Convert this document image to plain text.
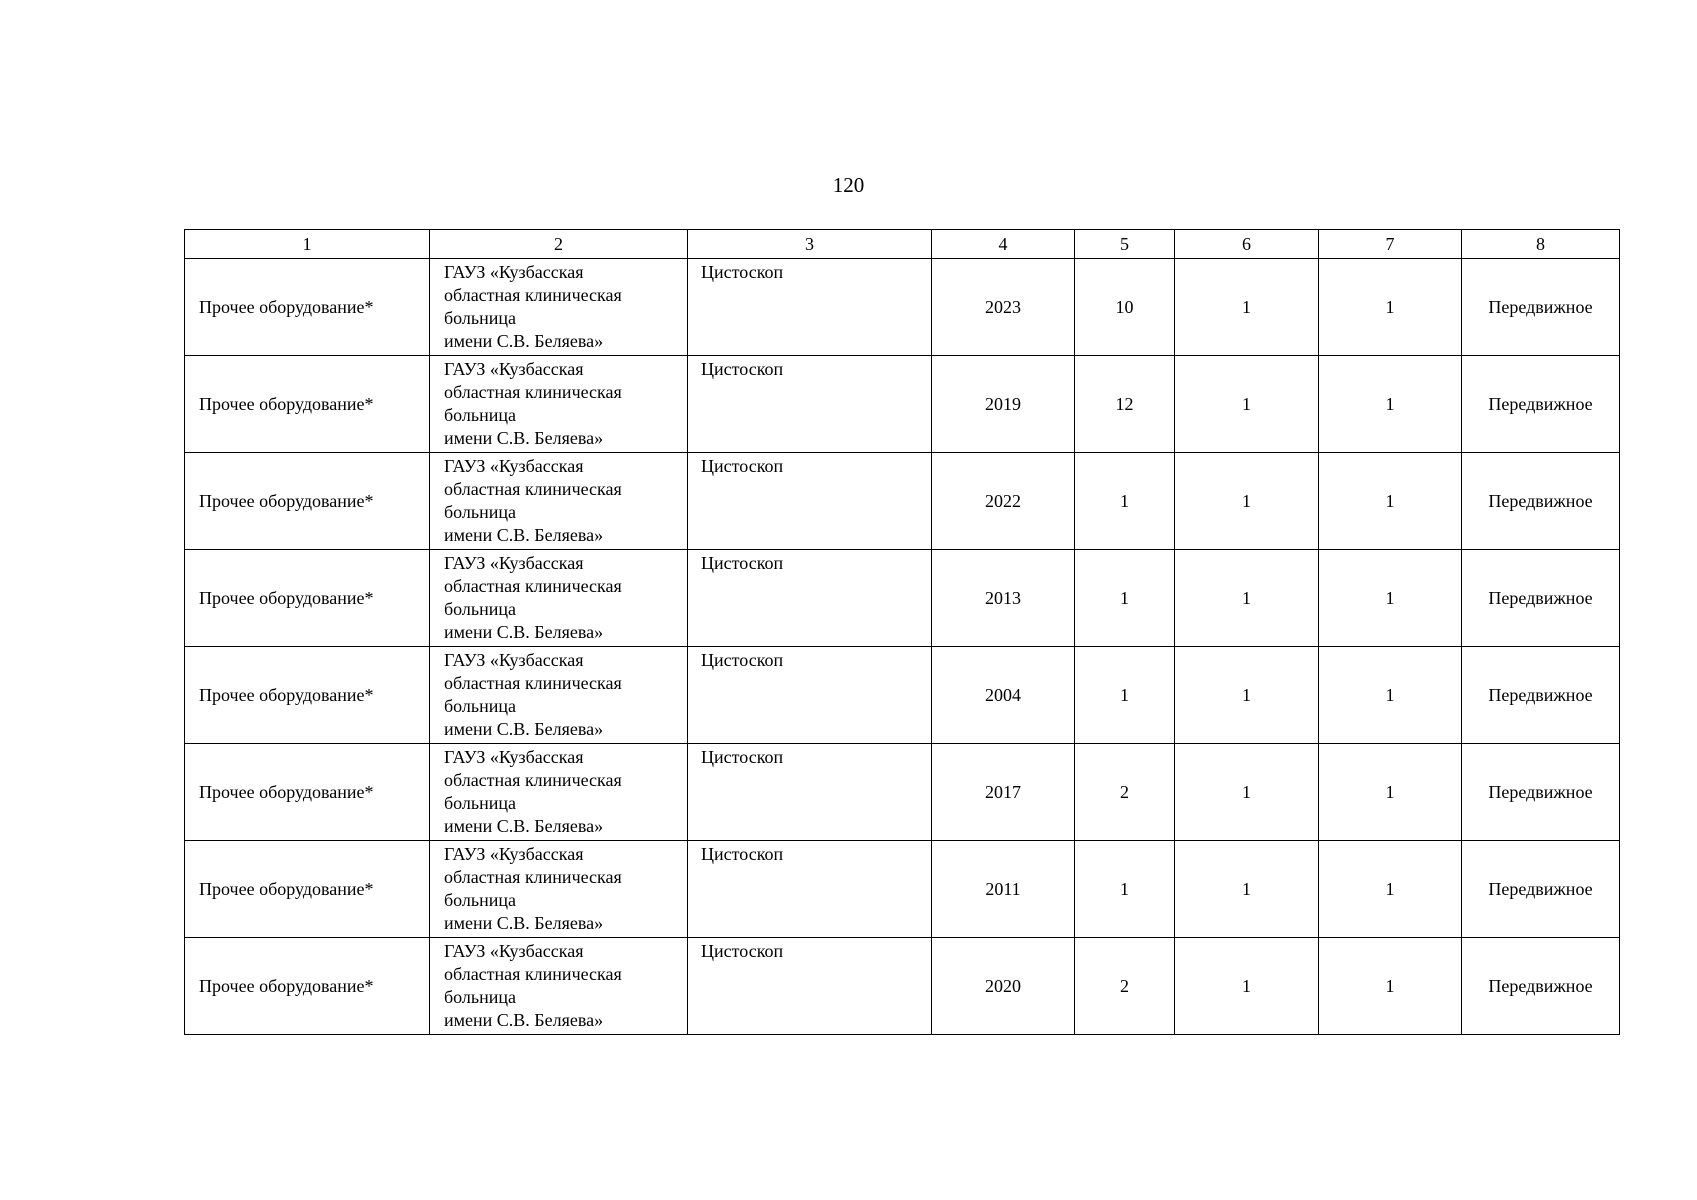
120
1	2	3	4	5	6	7	8
Прочее оборудование*	ГАУЗ «Кузбасская
областная клиническая
больница
имени С.В. Беляева»	Цистоскоп	2023	10	1	1	Передвижное
Прочее оборудование*	ГАУЗ «Кузбасская
областная клиническая
больница
имени С.В. Беляева»	Цистоскоп	2019	12	1	1	Передвижное
Прочее оборудование*	ГАУЗ «Кузбасская
областная клиническая
больница
имени С.В. Беляева»	Цистоскоп	2022	1	1	1	Передвижное
Прочее оборудование*	ГАУЗ «Кузбасская
областная клиническая
больница
имени С.В. Беляева»	Цистоскоп	2013	1	1	1	Передвижное
Прочее оборудование*	ГАУЗ «Кузбасская
областная клиническая
больница
имени С.В. Беляева»	Цистоскоп	2004	1	1	1	Передвижное
Прочее оборудование*	ГАУЗ «Кузбасская
областная клиническая
больница
имени С.В. Беляева»	Цистоскоп	2017	2	1	1	Передвижное
Прочее оборудование*	ГАУЗ «Кузбасская
областная клиническая
больница
имени С.В. Беляева»	Цистоскоп	2011	1	1	1	Передвижное
Прочее оборудование*	ГАУЗ «Кузбасская
областная клиническая
больница
имени С.В. Беляева»	Цистоскоп	2020	2	1	1	Передвижное
